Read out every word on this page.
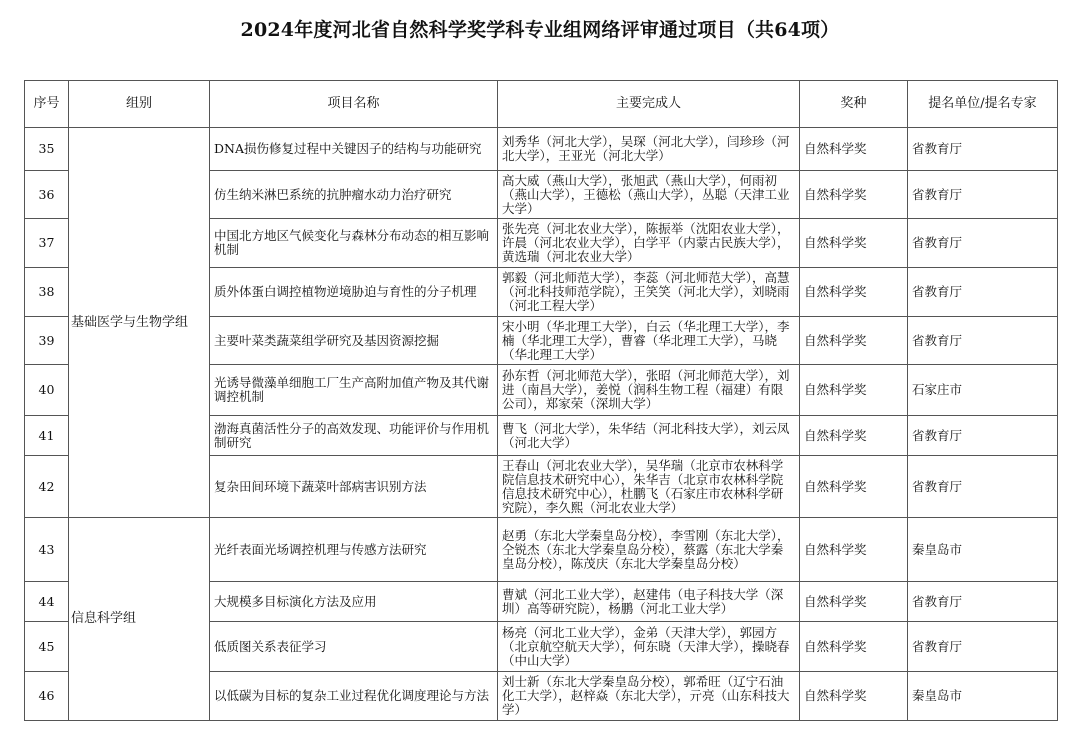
2024年度河北省自然科学奖学科专业组网络评审通过项目（共64项）
序号	组别	项目名称	主要完成人	奖种	提名单位/提名专家
35	基础医学与生物学组	DNA损伤修复过程中关键因子的结构与功能研究	刘秀华（河北大学），吴琛（河北大学），闫珍珍（河北大学），王亚光（河北大学）	自然科学奖	省教育厅
36		仿生纳米淋巴系统的抗肿瘤水动力治疗研究	高大威（燕山大学），张旭武（燕山大学），何雨初（燕山大学），王德松（燕山大学），丛聪（天津工业大学）	自然科学奖	省教育厅
37		中国北方地区气候变化与森林分布动态的相互影响机制	张先亮（河北农业大学），陈振举（沈阳农业大学），许晨（河北农业大学），白学平（内蒙古民族大学），黄选瑞（河北农业大学）	自然科学奖	省教育厅
38		质外体蛋白调控植物逆境胁迫与育性的分子机理	郭毅（河北师范大学），李蕊（河北师范大学），高慧（河北科技师范学院），王笑笑（河北大学），刘晓雨（河北工程大学）	自然科学奖	省教育厅
39		主要叶菜类蔬菜组学研究及基因资源挖掘	宋小明（华北理工大学），白云（华北理工大学），李楠（华北理工大学），曹睿（华北理工大学），马晓（华北理工大学）	自然科学奖	省教育厅
40		光诱导微藻单细胞工厂生产高附加值产物及其代谢调控机制	孙东哲（河北师范大学），张昭（河北师范大学），刘进（南昌大学），姜悦（润科生物工程（福建）有限公司），郑家荣（深圳大学）	自然科学奖	石家庄市
41		渤海真菌活性分子的高效发现、功能评价与作用机制研究	曹飞（河北大学），朱华结（河北科技大学），刘云凤（河北大学）	自然科学奖	省教育厅
42		复杂田间环境下蔬菜叶部病害识别方法	王春山（河北农业大学），吴华瑞（北京市农林科学院信息技术研究中心），朱华吉（北京市农林科学院信息技术研究中心），杜鹏飞（石家庄市农林科学研究院），李久熙（河北农业大学）	自然科学奖	省教育厅
43	信息科学组	光纤表面光场调控机理与传感方法研究	赵勇（东北大学秦皇岛分校），李雪刚（东北大学），仝锐杰（东北大学秦皇岛分校），蔡露（东北大学秦皇岛分校），陈茂庆（东北大学秦皇岛分校）	自然科学奖	秦皇岛市
44		大规模多目标演化方法及应用	曹斌（河北工业大学），赵建伟（电子科技大学（深圳）高等研究院），杨鹏（河北工业大学）	自然科学奖	省教育厅
45		低质图关系表征学习	杨亮（河北工业大学），金弟（天津大学），郭园方（北京航空航天大学），何东晓（天津大学），操晓春（中山大学）	自然科学奖	省教育厅
46		以低碳为目标的复杂工业过程优化调度理论与方法	刘士新（东北大学秦皇岛分校），郭希旺（辽宁石油化工大学），赵梓焱（东北大学），亓亮（山东科技大学）	自然科学奖	秦皇岛市
